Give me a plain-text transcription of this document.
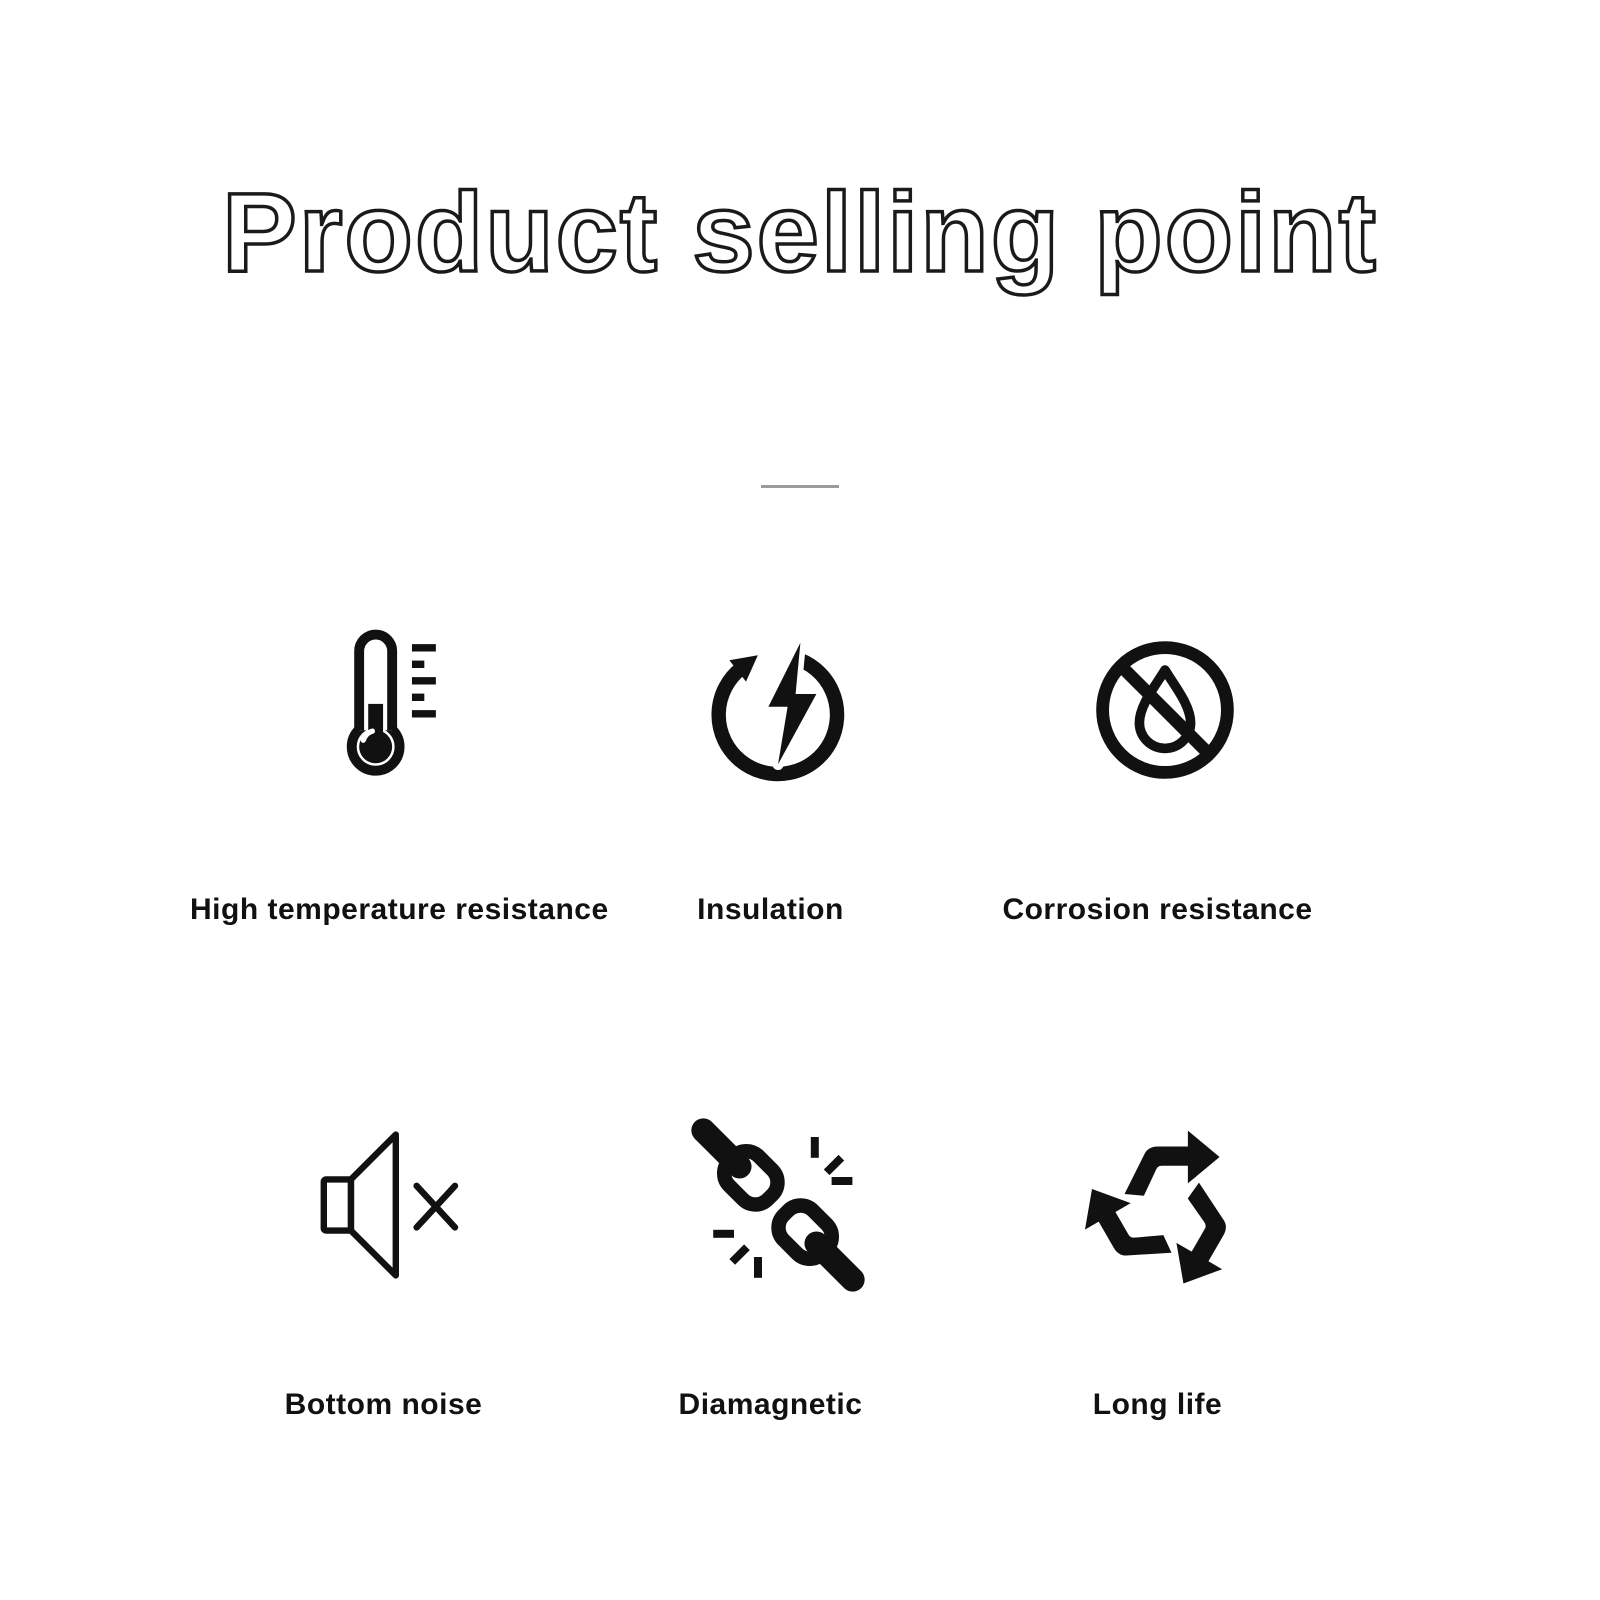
Product selling point
High temperature resistance	Insulation	Corrosion resistance
Bottom noise	Diamagnetic	Long life
